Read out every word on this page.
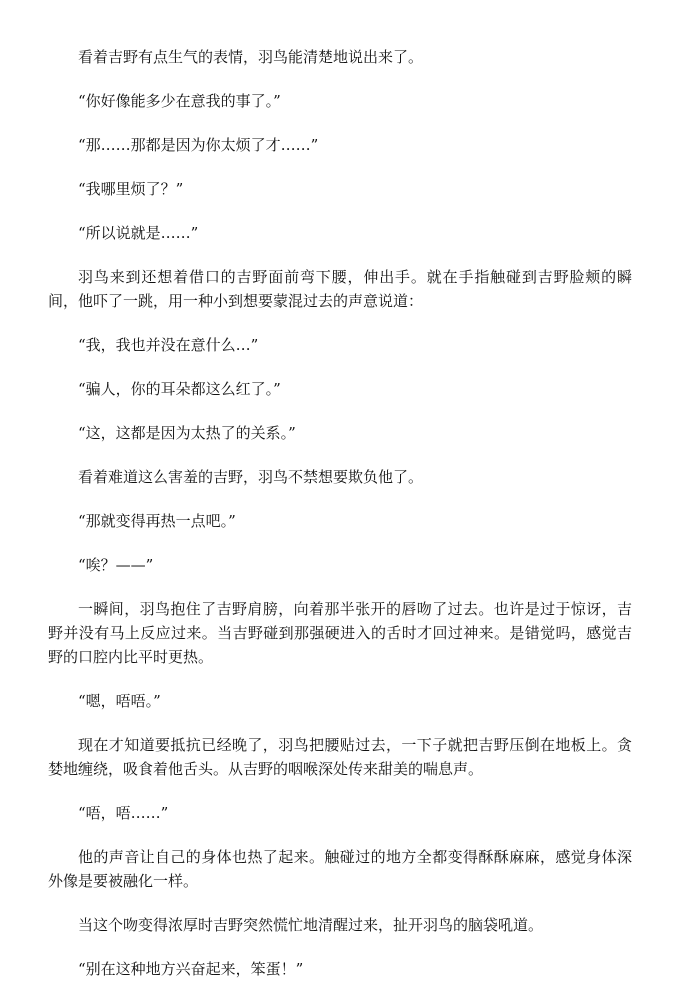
看着吉野有点生气的表情，羽鸟能清楚地说出来了。

“你好像能多少在意我的事了。”

“那……那都是因为你太烦了才……”

“我哪里烦了？”

“所以说就是……”

羽鸟来到还想着借口的吉野面前弯下腰，伸出手。就在手指触碰到吉野脸颊的瞬间，他吓了一跳，用一种小到想要蒙混过去的声意说道：

“我，我也并没在意什么…”

“骗人，你的耳朵都这么红了。”

“这，这都是因为太热了的关系。”

看着难道这么害羞的吉野，羽鸟不禁想要欺负他了。

“那就变得再热一点吧。”

“唉？——”

一瞬间，羽鸟抱住了吉野肩膀，向着那半张开的唇吻了过去。也许是过于惊讶，吉野并没有马上反应过来。当吉野碰到那强硬进入的舌时才回过神来。是错觉吗，感觉吉野的口腔内比平时更热。

“嗯，唔唔。”

现在才知道要抵抗已经晚了，羽鸟把腰贴过去，一下子就把吉野压倒在地板上。贪婪地缠绕，吸食着他舌头。从吉野的咽喉深处传来甜美的喘息声。

“唔，唔……”

他的声音让自己的身体也热了起来。触碰过的地方全都变得酥酥麻麻，感觉身体深外像是要被融化一样。

当这个吻变得浓厚时吉野突然慌忙地清醒过来，扯开羽鸟的脑袋吼道。

“别在这种地方兴奋起来，笨蛋！”
